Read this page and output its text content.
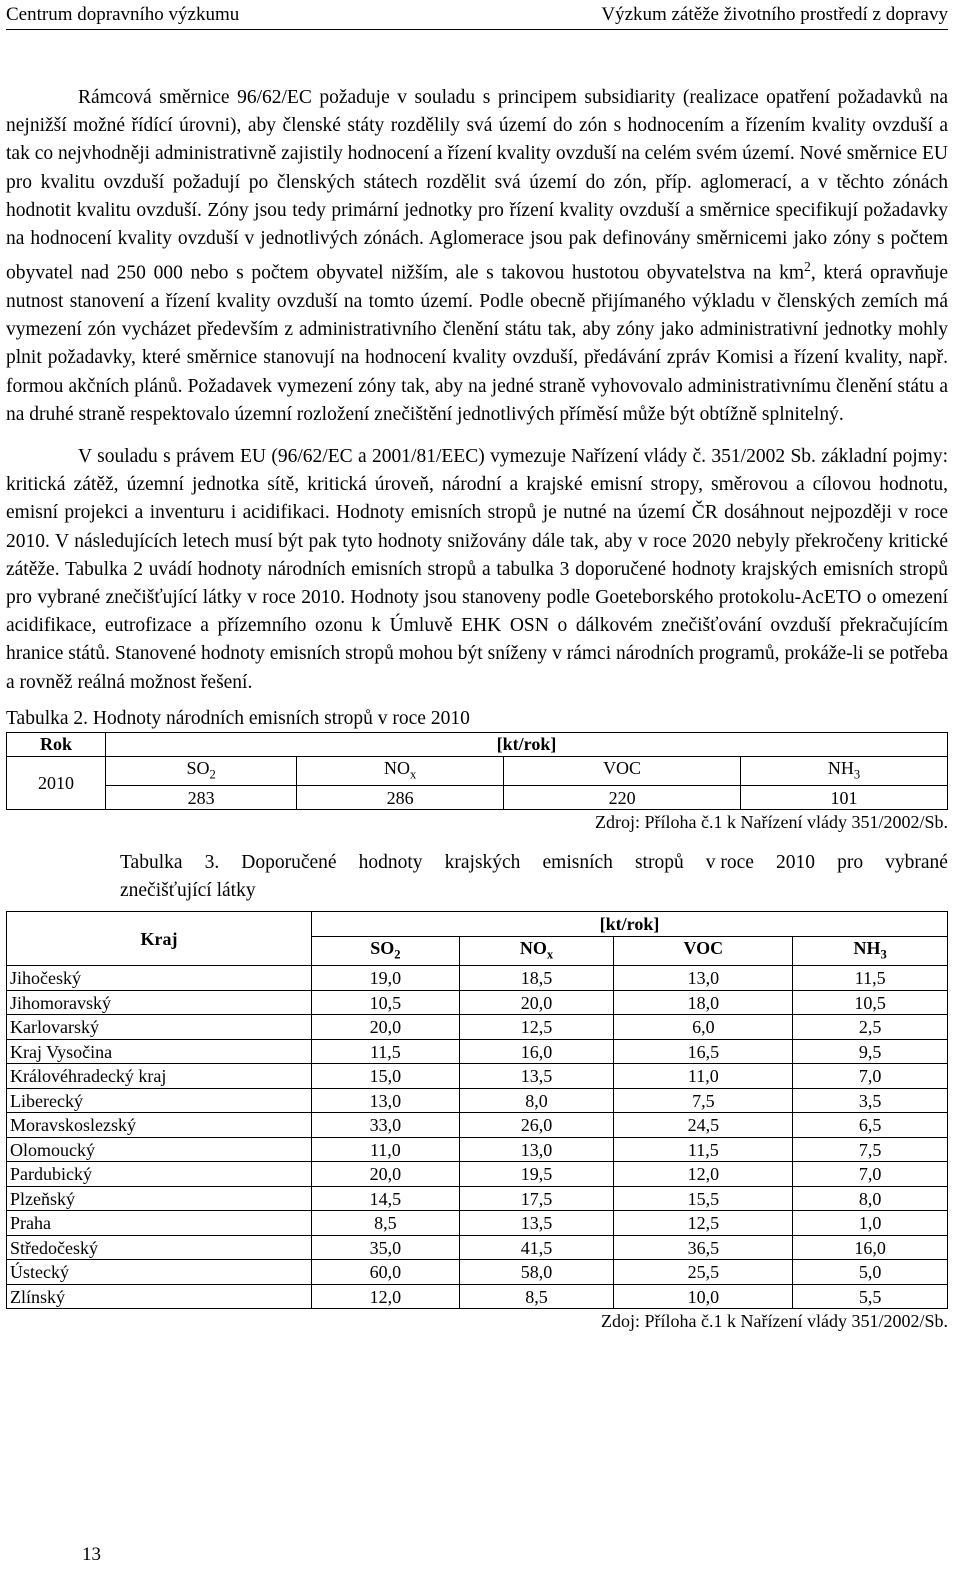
Centrum dopravního výzkumu	Výzkum zátěže životního prostředí z dopravy

Rámcová směrnice 96/62/EC požaduje v souladu s principem subsidiarity (realizace opatření požadavků na nejnižší možné řídící úrovni), aby členské státy rozdělily svá území do zón s hodnocením a řízením kvality ovzduší a tak co nejvhodněji administrativně zajistily hodnocení a řízení kvality ovzduší na celém svém území. Nové směrnice EU pro kvalitu ovzduší požadují po členských státech rozdělit svá území do zón, příp. aglomerací, a v těchto zónách hodnotit kvalitu ovzduší. Zóny jsou tedy primární jednotky pro řízení kvality ovzduší a směrnice specifikují požadavky na hodnocení kvality ovzduší v jednotlivých zónách. Aglomerace jsou pak definovány směrnicemi jako zóny s počtem obyvatel nad 250 000 nebo s počtem obyvatel nižším, ale s takovou hustotou obyvatelstva na $km^2$, která opravňuje nutnost stanovení a řízení kvality ovzduší na tomto území. Podle obecně přijímaného výkladu v členských zemích má vymezení zón vycházet především z administrativního členění státu tak, aby zóny jako administrativní jednotky mohly plnit požadavky, které směrnice stanovují na hodnocení kvality ovzduší, předávání zpráv Komisi a řízení kvality, např. formou akčních plánů. Požadavek vymezení zóny tak, aby na jedné straně vyhovovalo administrativnímu členění státu a na druhé straně respektovalo územní rozložení znečištění jednotlivých příměsí může být obtížně splnitelný.

V souladu s právem EU (96/62/EC a 2001/81/EEC) vymezuje Nařízení vlády č. 351/2002 Sb. základní pojmy: kritická zátěž, územní jednotka sítě, kritická úroveň, národní a krajské emisní stropy, směrovou a cílovou hodnotu, emisní projekci a inventuru i acidifikaci. Hodnoty emisních stropů je nutné na území ČR dosáhnout nejpozději v roce 2010. V následujících letech musí být pak tyto hodnoty snižovány dále tak, aby v roce 2020 nebyly překročeny kritické zátěže. Tabulka 2 uvádí hodnoty národních emisních stropů a tabulka 3 doporučené hodnoty krajských emisních stropů pro vybrané znečišťující látky v roce 2010. Hodnoty jsou stanoveny podle Goeteborského protokolu-AcETO o omezení acidifikace, eutrofizace a přízemního ozonu k Úmluvě EHK OSN o dálkovém znečišťování ovzduší překračujícím hranice států. Stanovené hodnoty emisních stropů mohou být sníženy v rámci národních programů, prokáže-li se potřeba a rovněž reálná možnost řešení.

Tabulka 2. Hodnoty národních emisních stropů v roce 2010
Rok	[kt/rok]			
2010	$SO_2$	$NO_x$	VOC	$NH_3$
	283	286	220	101
Zdroj: Příloha č.1 k Nařízení vlády 351/2002/Sb.
Tabulka 3. Doporučené hodnoty krajských emisních stropů v roce 2010 pro vybrané
znečišťující látky
Kraj	[kt/rok]			
	$SO_2$	$NO_x$	VOC	$NH_3$
Jihočeský	19,0	18,5	13,0	11,5
Jihomoravský	10,5	20,0	18,0	10,5
Karlovarský	20,0	12,5	6,0	2,5
Kraj Vysočina	11,5	16,0	16,5	9,5
Královéhradecký kraj	15,0	13,5	11,0	7,0
Liberecký	13,0	8,0	7,5	3,5
Moravskoslezský	33,0	26,0	24,5	6,5
Olomoucký	11,0	13,0	11,5	7,5
Pardubický	20,0	19,5	12,0	7,0
Plzeňský	14,5	17,5	15,5	8,0
Praha	8,5	13,5	12,5	1,0
Středočeský	35,0	41,5	36,5	16,0
Ústecký	60,0	58,0	25,5	5,0
Zlínský	12,0	8,5	10,0	5,5
Zdoj: Příloha č.1 k Nařízení vlády 351/2002/Sb.
13
